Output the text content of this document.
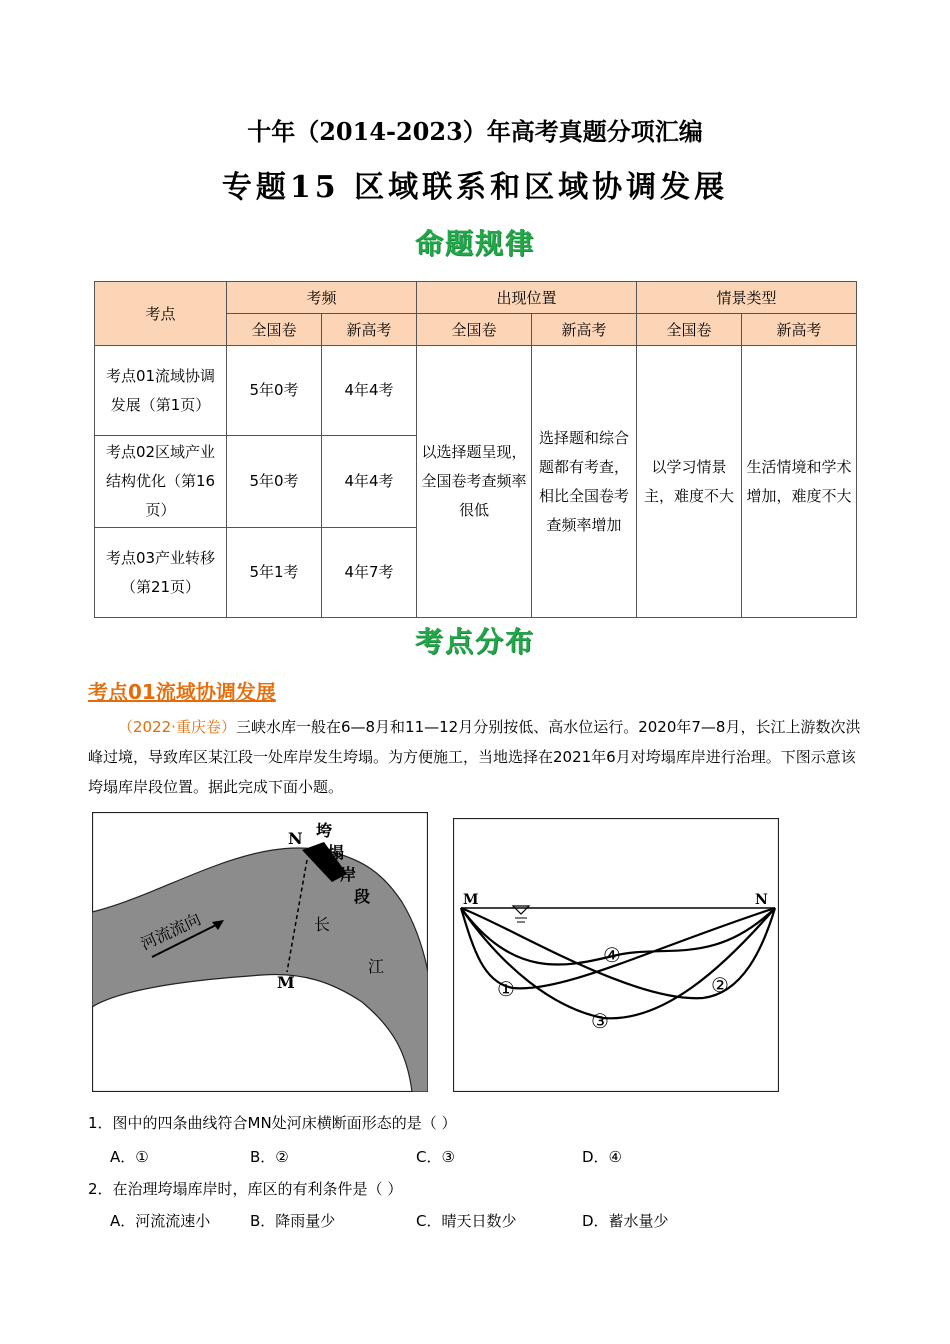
十年（2014-2023）年高考真题分项汇编
专题15 区域联系和区域协调发展
命题规律
考点	考频		出现位置		情景类型	
	全国卷	新高考	全国卷	新高考	全国卷	新高考
考点01流域协调发展（第1页）	5年0考	4年4考	以选择题呈现，全国卷考查频率很低	选择题和综合题都有考查，相比全国卷考查频率增加	以学习情景主，难度不大	生活情境和学术增加，难度不大
考点02区域产业结构优化（第16页）	5年0考	4年4考				
考点03产业转移（第21页）	5年1考	4年7考				
考点分布
考点01流域协调发展
（2022·重庆卷）三峡水库一般在6—8月和11—12月分别按低、高水位运行。2020年7—8月，长江上游数次洪峰过境，导致库区某江段一处库岸发生垮塌。为方便施工，当地选择在2021年6月对垮塌库岸进行治理。下图示意该垮塌库岸段位置。据此完成下面小题。
河流流向
N
M
垮
塌
岸
段
长
江
M	N
①	②
③
④
1．图中的四条曲线符合MN处河床横断面形态的是（ ）
A．①	B．②	C．③	D．④
2．在治理垮塌库岸时，库区的有利条件是（ ）
A．河流流速小	B．降雨量少	C．晴天日数少	D．蓄水量少
